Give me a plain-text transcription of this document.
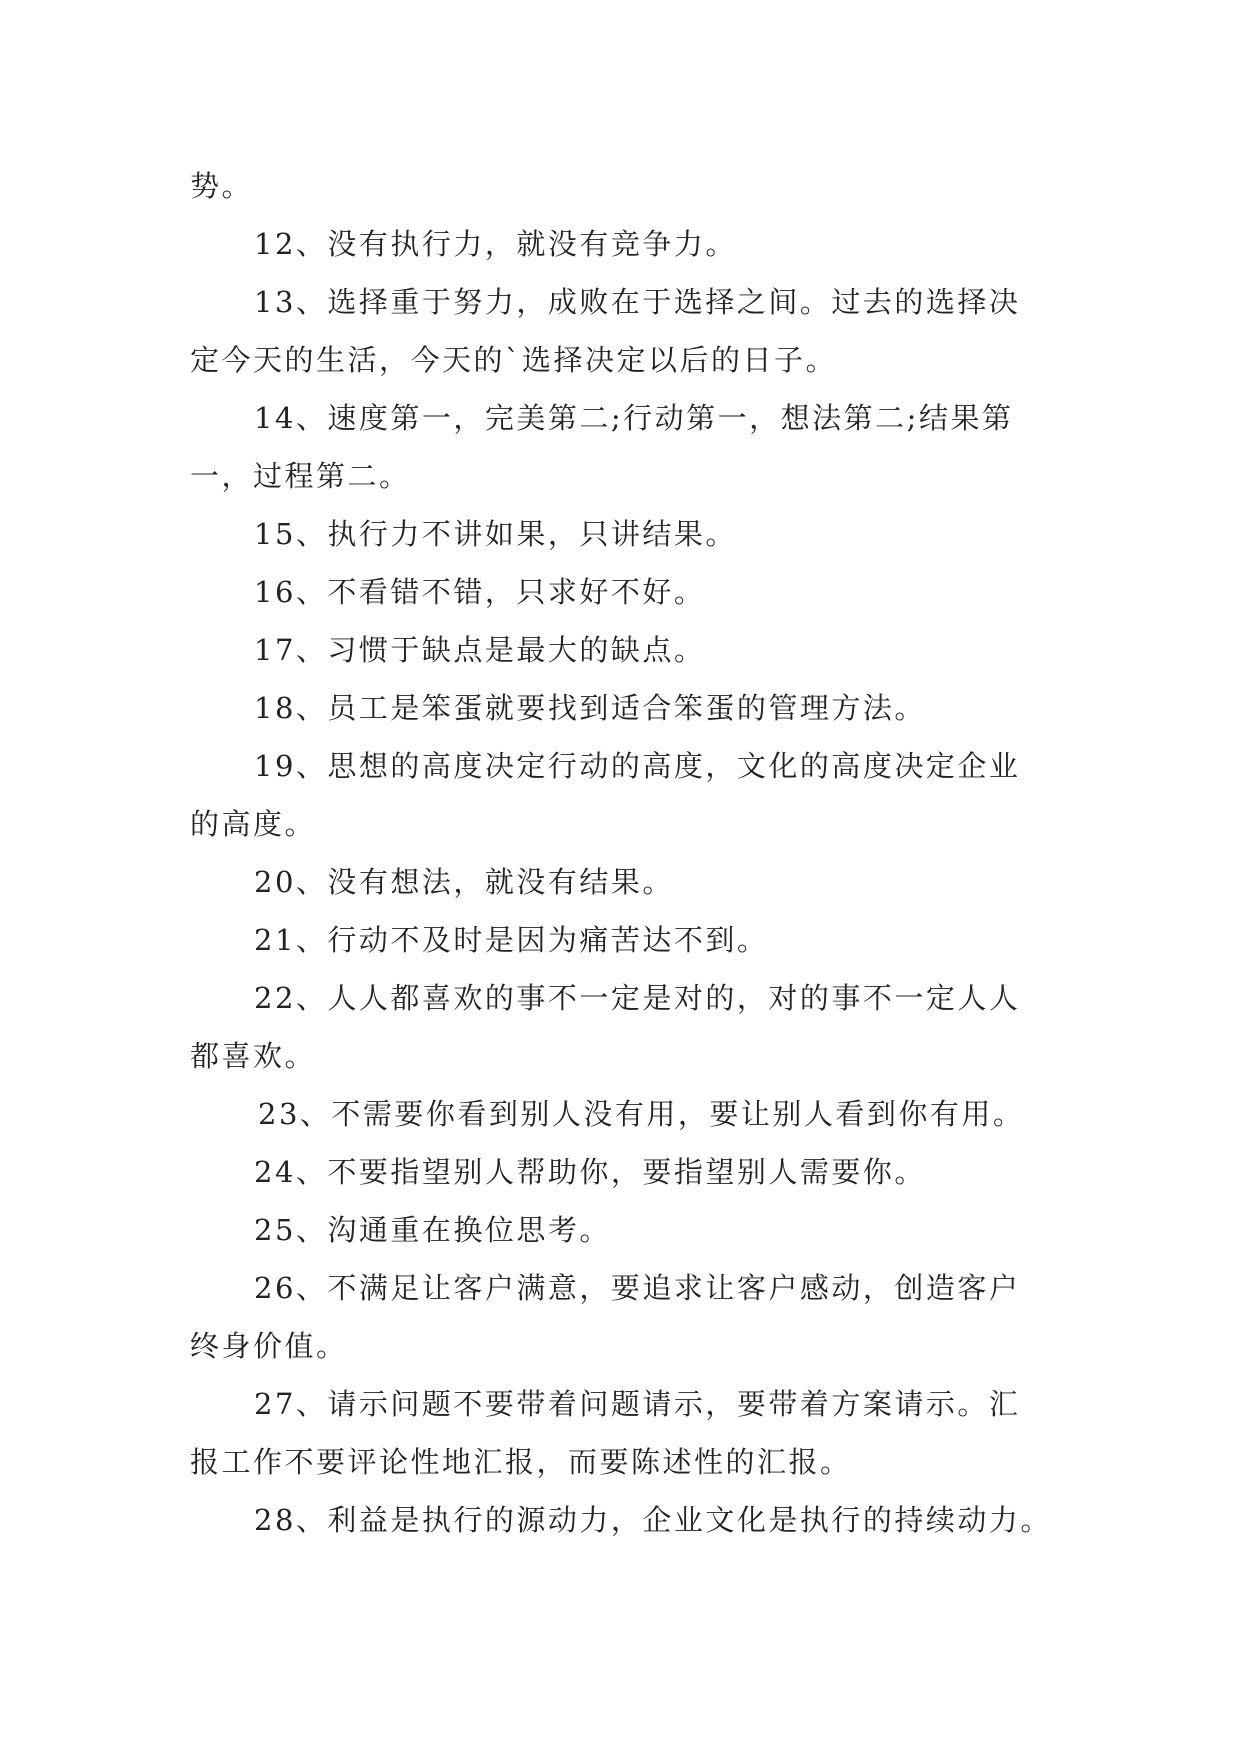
势。

12、没有执行力，就没有竞争力。

13、选择重于努力，成败在于选择之间。过去的选择决

定今天的生活，今天的`选择决定以后的日子。

14、速度第一，完美第二;行动第一，想法第二;结果第

一，过程第二。

15、执行力不讲如果，只讲结果。

16、不看错不错，只求好不好。

17、习惯于缺点是最大的缺点。

18、员工是笨蛋就要找到适合笨蛋的管理方法。

19、思想的高度决定行动的高度，文化的高度决定企业

的高度。

20、没有想法，就没有结果。

21、行动不及时是因为痛苦达不到。

22、人人都喜欢的事不一定是对的，对的事不一定人人

都喜欢。

23、不需要你看到别人没有用，要让别人看到你有用。

24、不要指望别人帮助你，要指望别人需要你。

25、沟通重在换位思考。

26、不满足让客户满意，要追求让客户感动，创造客户

终身价值。

27、请示问题不要带着问题请示，要带着方案请示。汇

报工作不要评论性地汇报，而要陈述性的汇报。

28、利益是执行的源动力，企业文化是执行的持续动力。
